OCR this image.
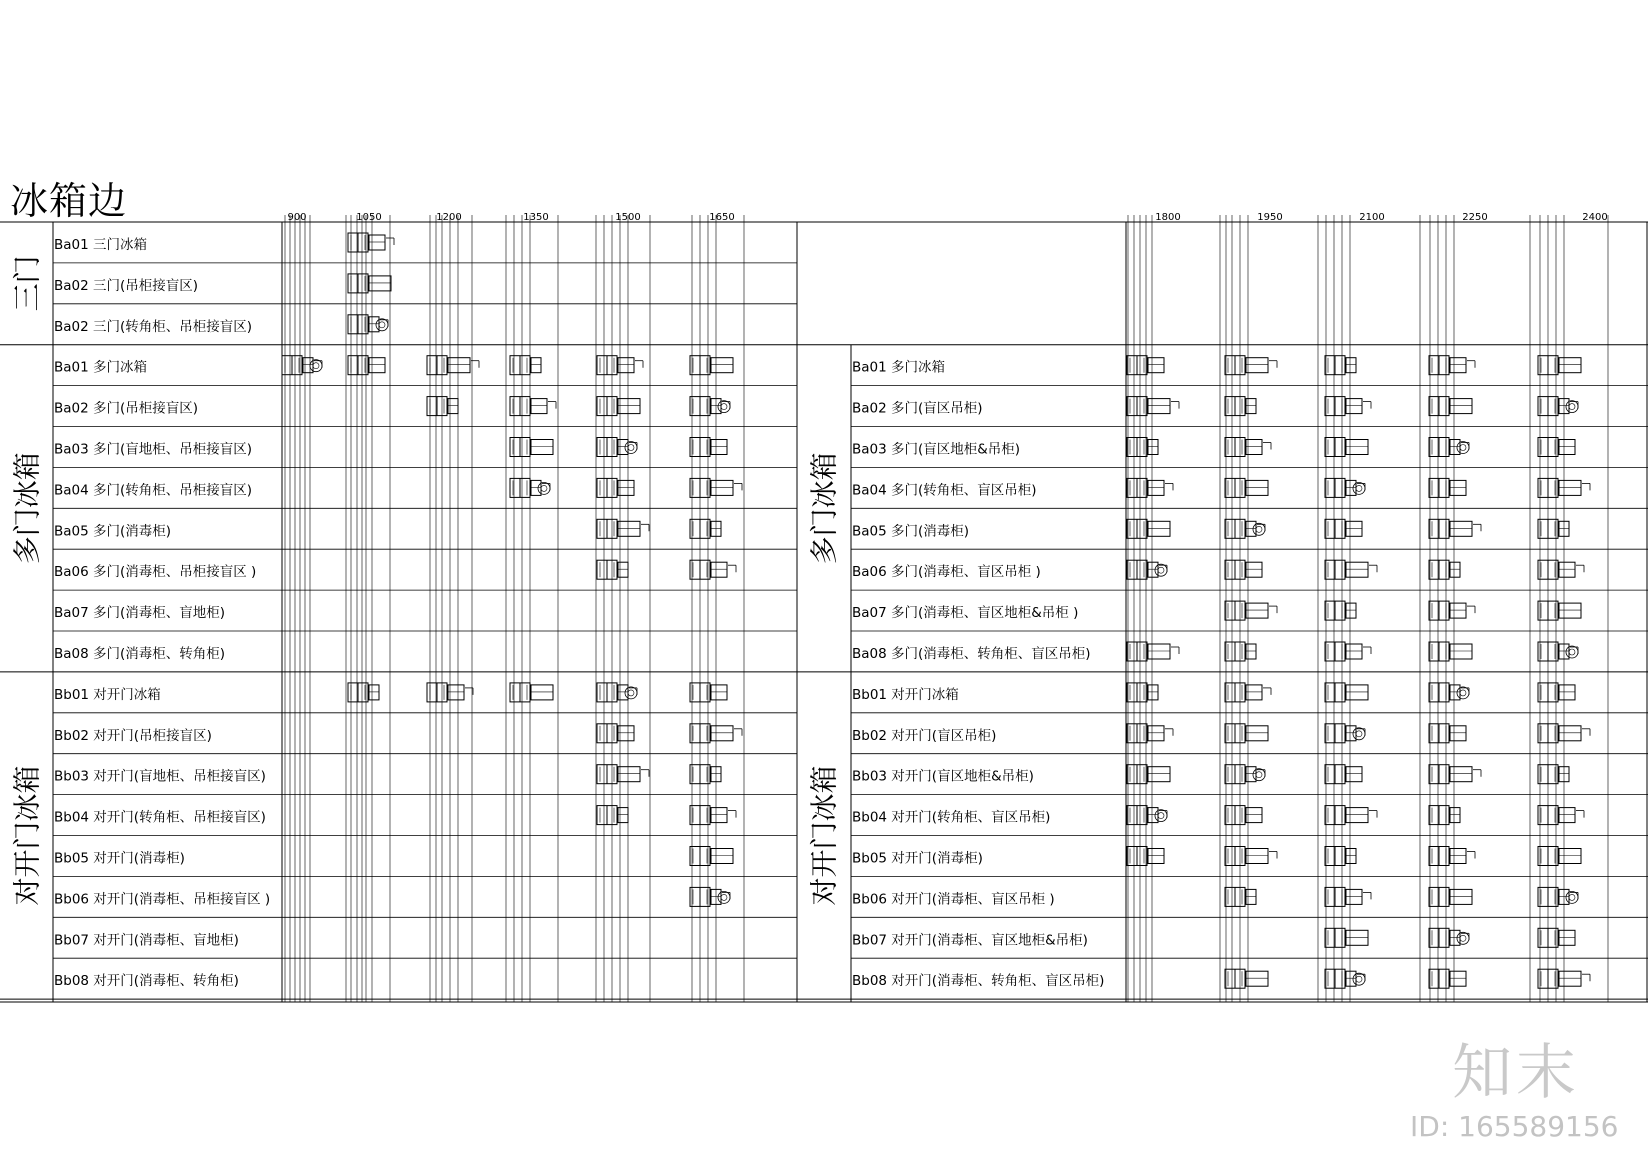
冰箱边
三门
Ba01 三门冰箱
Ba02 三门(吊柜接盲区)
Ba02 三门(转角柜、吊柜接盲区)
多门冰箱
Ba01 多门冰箱
Ba02 多门(吊柜接盲区)
Ba03 多门(盲地柜、吊柜接盲区)
Ba04 多门(转角柜、吊柜接盲区)
Ba05 多门(消毒柜)
Ba06 多门(消毒柜、吊柜接盲区 )
Ba07 多门(消毒柜、盲地柜)
Ba08 多门(消毒柜、转角柜)
对开门冰箱
Bb01 对开门冰箱
Bb02 对开门(吊柜接盲区)
Bb03 对开门(盲地柜、吊柜接盲区)
Bb04 对开门(转角柜、吊柜接盲区)
Bb05 对开门(消毒柜)
Bb06 对开门(消毒柜、吊柜接盲区 )
Bb07 对开门(消毒柜、盲地柜)
Bb08 对开门(消毒柜、转角柜)
900	1050	1200	1350	1500	1650
多门冰箱
Ba01 多门冰箱
Ba02 多门(盲区吊柜)
Ba03 多门(盲区地柜&吊柜)
Ba04 多门(转角柜、盲区吊柜)
Ba05 多门(消毒柜)
Ba06 多门(消毒柜、盲区吊柜 )
Ba07 多门(消毒柜、盲区地柜&吊柜 )
Ba08 多门(消毒柜、转角柜、盲区吊柜)
对开门冰箱
Bb01 对开门冰箱
Bb02 对开门(盲区吊柜)
Bb03 对开门(盲区地柜&吊柜)
Bb04 对开门(转角柜、盲区吊柜)
Bb05 对开门(消毒柜)
Bb06 对开门(消毒柜、盲区吊柜 )
Bb07 对开门(消毒柜、盲区地柜&吊柜)
Bb08 对开门(消毒柜、转角柜、盲区吊柜)
1800	1950	2100	2250	2400
知末
ID: 165589156
